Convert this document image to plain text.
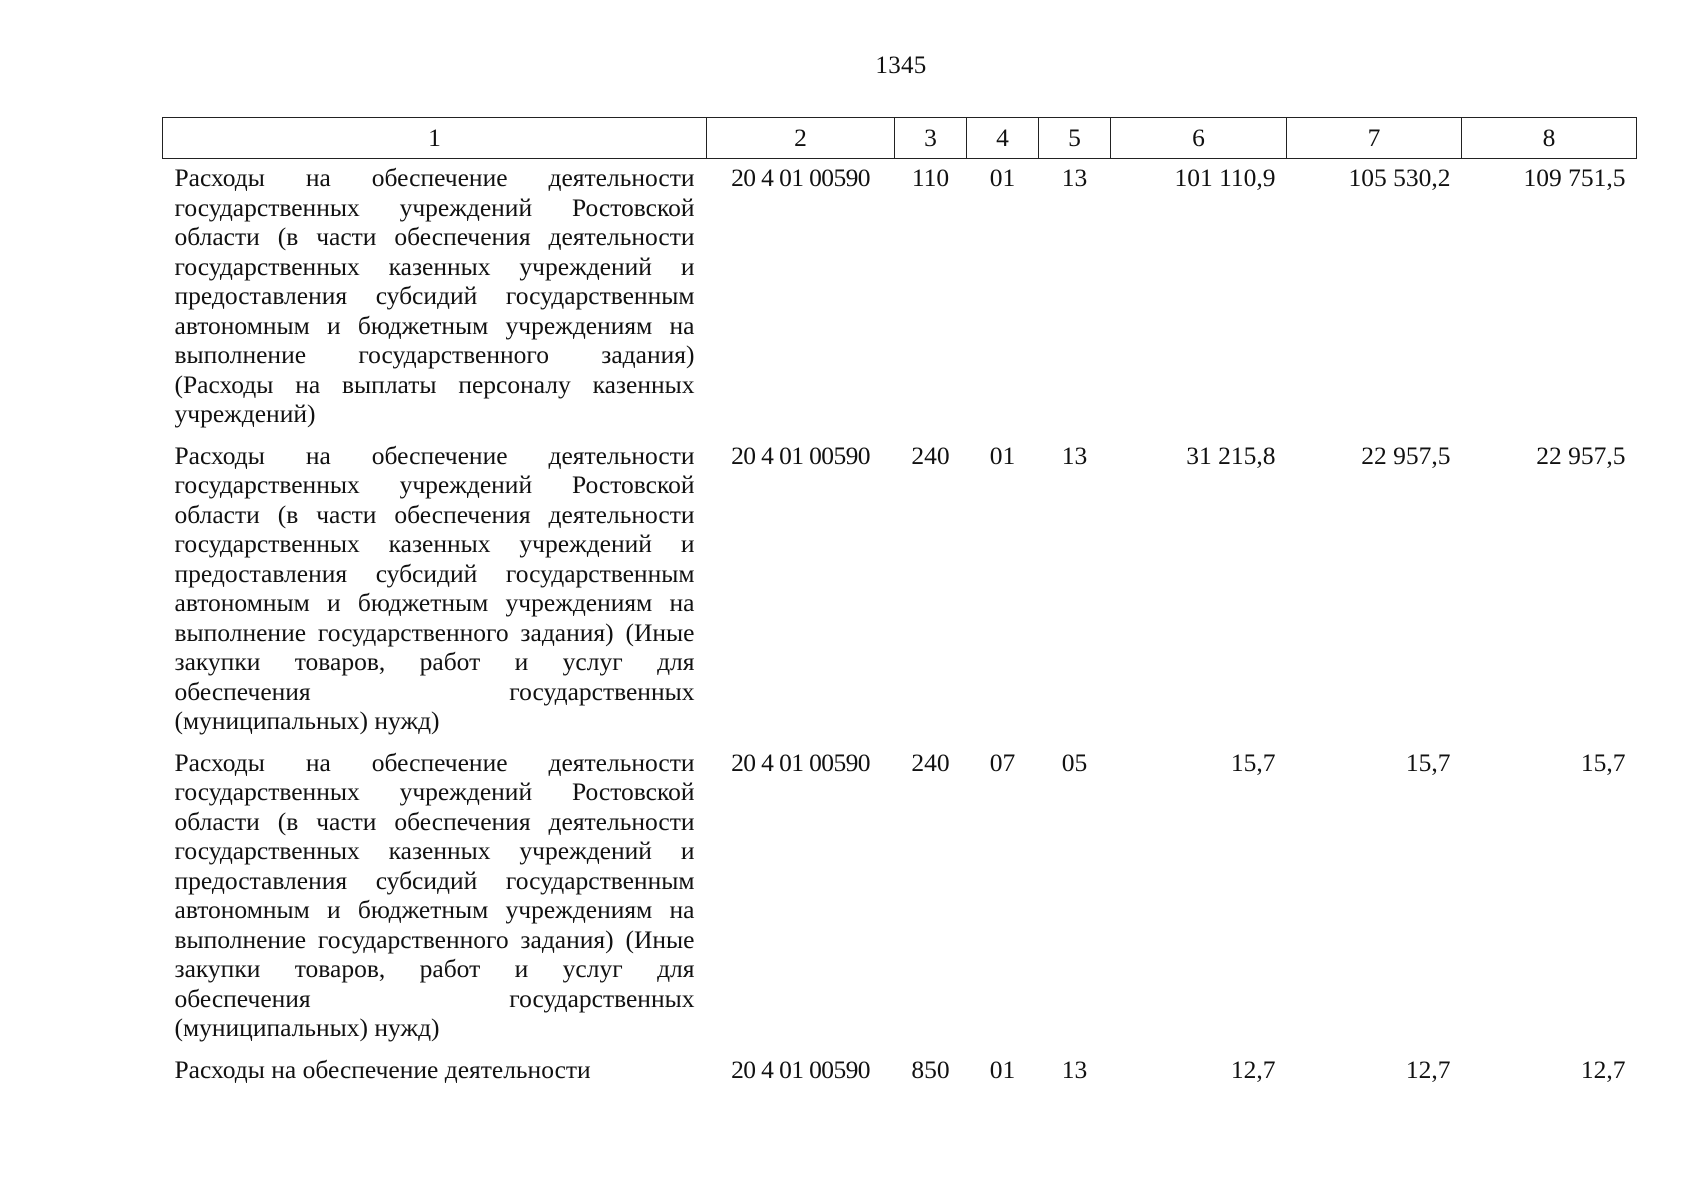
1345
1	2	3	4	5	6	7	8
Расходы на обеспечение деятельности государственных учреждений Ростовской области (в части обеспечения деятельности государственных казенных учреждений и предоставления субсидий государственным автономным и бюджетным учреждениям на выполнение государственного задания) (Расходы на выплаты персоналу казенных учреждений)	20 4 01 00590	110	01	13	101 110,9	105 530,2	109 751,5
Расходы на обеспечение деятельности государственных учреждений Ростовской области (в части обеспечения деятельности государственных казенных учреждений и предоставления субсидий государственным автономным и бюджетным учреждениям на выполнение государственного задания) (Иные закупки товаров, работ и услуг для обеспечения государственных (муниципальных) нужд)	20 4 01 00590	240	01	13	31 215,8	22 957,5	22 957,5
Расходы на обеспечение деятельности государственных учреждений Ростовской области (в части обеспечения деятельности государственных казенных учреждений и предоставления субсидий государственным автономным и бюджетным учреждениям на выполнение государственного задания) (Иные закупки товаров, работ и услуг для обеспечения государственных (муниципальных) нужд)	20 4 01 00590	240	07	05	15,7	15,7	15,7
Расходы на обеспечение деятельности	20 4 01 00590	850	01	13	12,7	12,7	12,7
